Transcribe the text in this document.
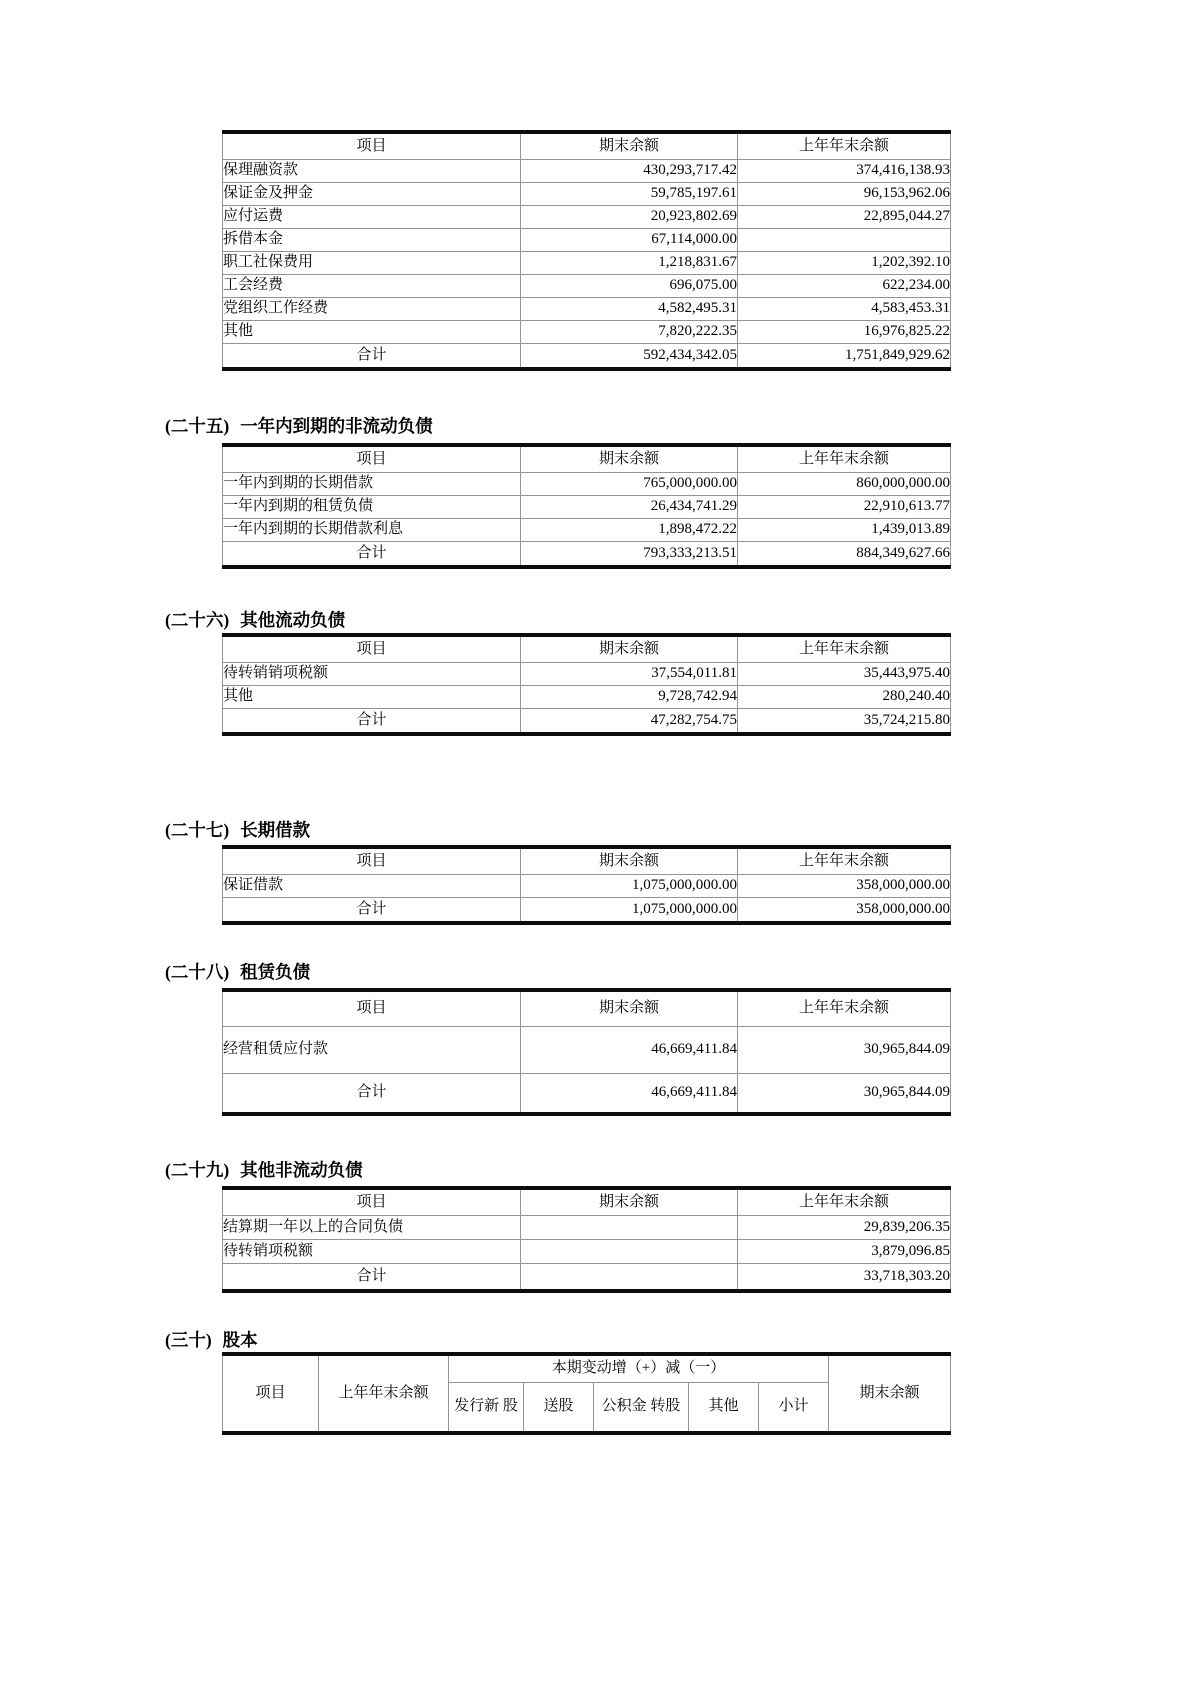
项目	期末余额	上年年末余额
保理融资款	430,293,717.42	374,416,138.93
保证金及押金	59,785,197.61	96,153,962.06
应付运费	20,923,802.69	22,895,044.27
拆借本金	67,114,000.00	
职工社保费用	1,218,831.67	1,202,392.10
工会经费	696,075.00	622,234.00
党组织工作经费	4,582,495.31	4,583,453.31
其他	7,820,222.35	16,976,825.22
合计	592,434,342.05	1,751,849,929.62
(二十五) 一年内到期的非流动负债
项目	期末余额	上年年末余额
一年内到期的长期借款	765,000,000.00	860,000,000.00
一年内到期的租赁负债	26,434,741.29	22,910,613.77
一年内到期的长期借款利息	1,898,472.22	1,439,013.89
合计	793,333,213.51	884,349,627.66
(二十六) 其他流动负债
项目	期末余额	上年年末余额
待转销销项税额	37,554,011.81	35,443,975.40
其他	9,728,742.94	280,240.40
合计	47,282,754.75	35,724,215.80
(二十七) 长期借款
项目	期末余额	上年年末余额
保证借款	1,075,000,000.00	358,000,000.00
合计	1,075,000,000.00	358,000,000.00
(二十八) 租赁负债
项目	期末余额	上年年末余额
经营租赁应付款	46,669,411.84	30,965,844.09
合计	46,669,411.84	30,965,844.09
(二十九) 其他非流动负债
项目	期末余额	上年年末余额
结算期一年以上的合同负债		29,839,206.35
待转销项税额		3,879,096.85
合计		33,718,303.20
(三十) 股本
项目	上年年末余额	本期变动增（+）减（一）					期末余额
		发行新 股	送股	公积金 转股	其他	小计	
